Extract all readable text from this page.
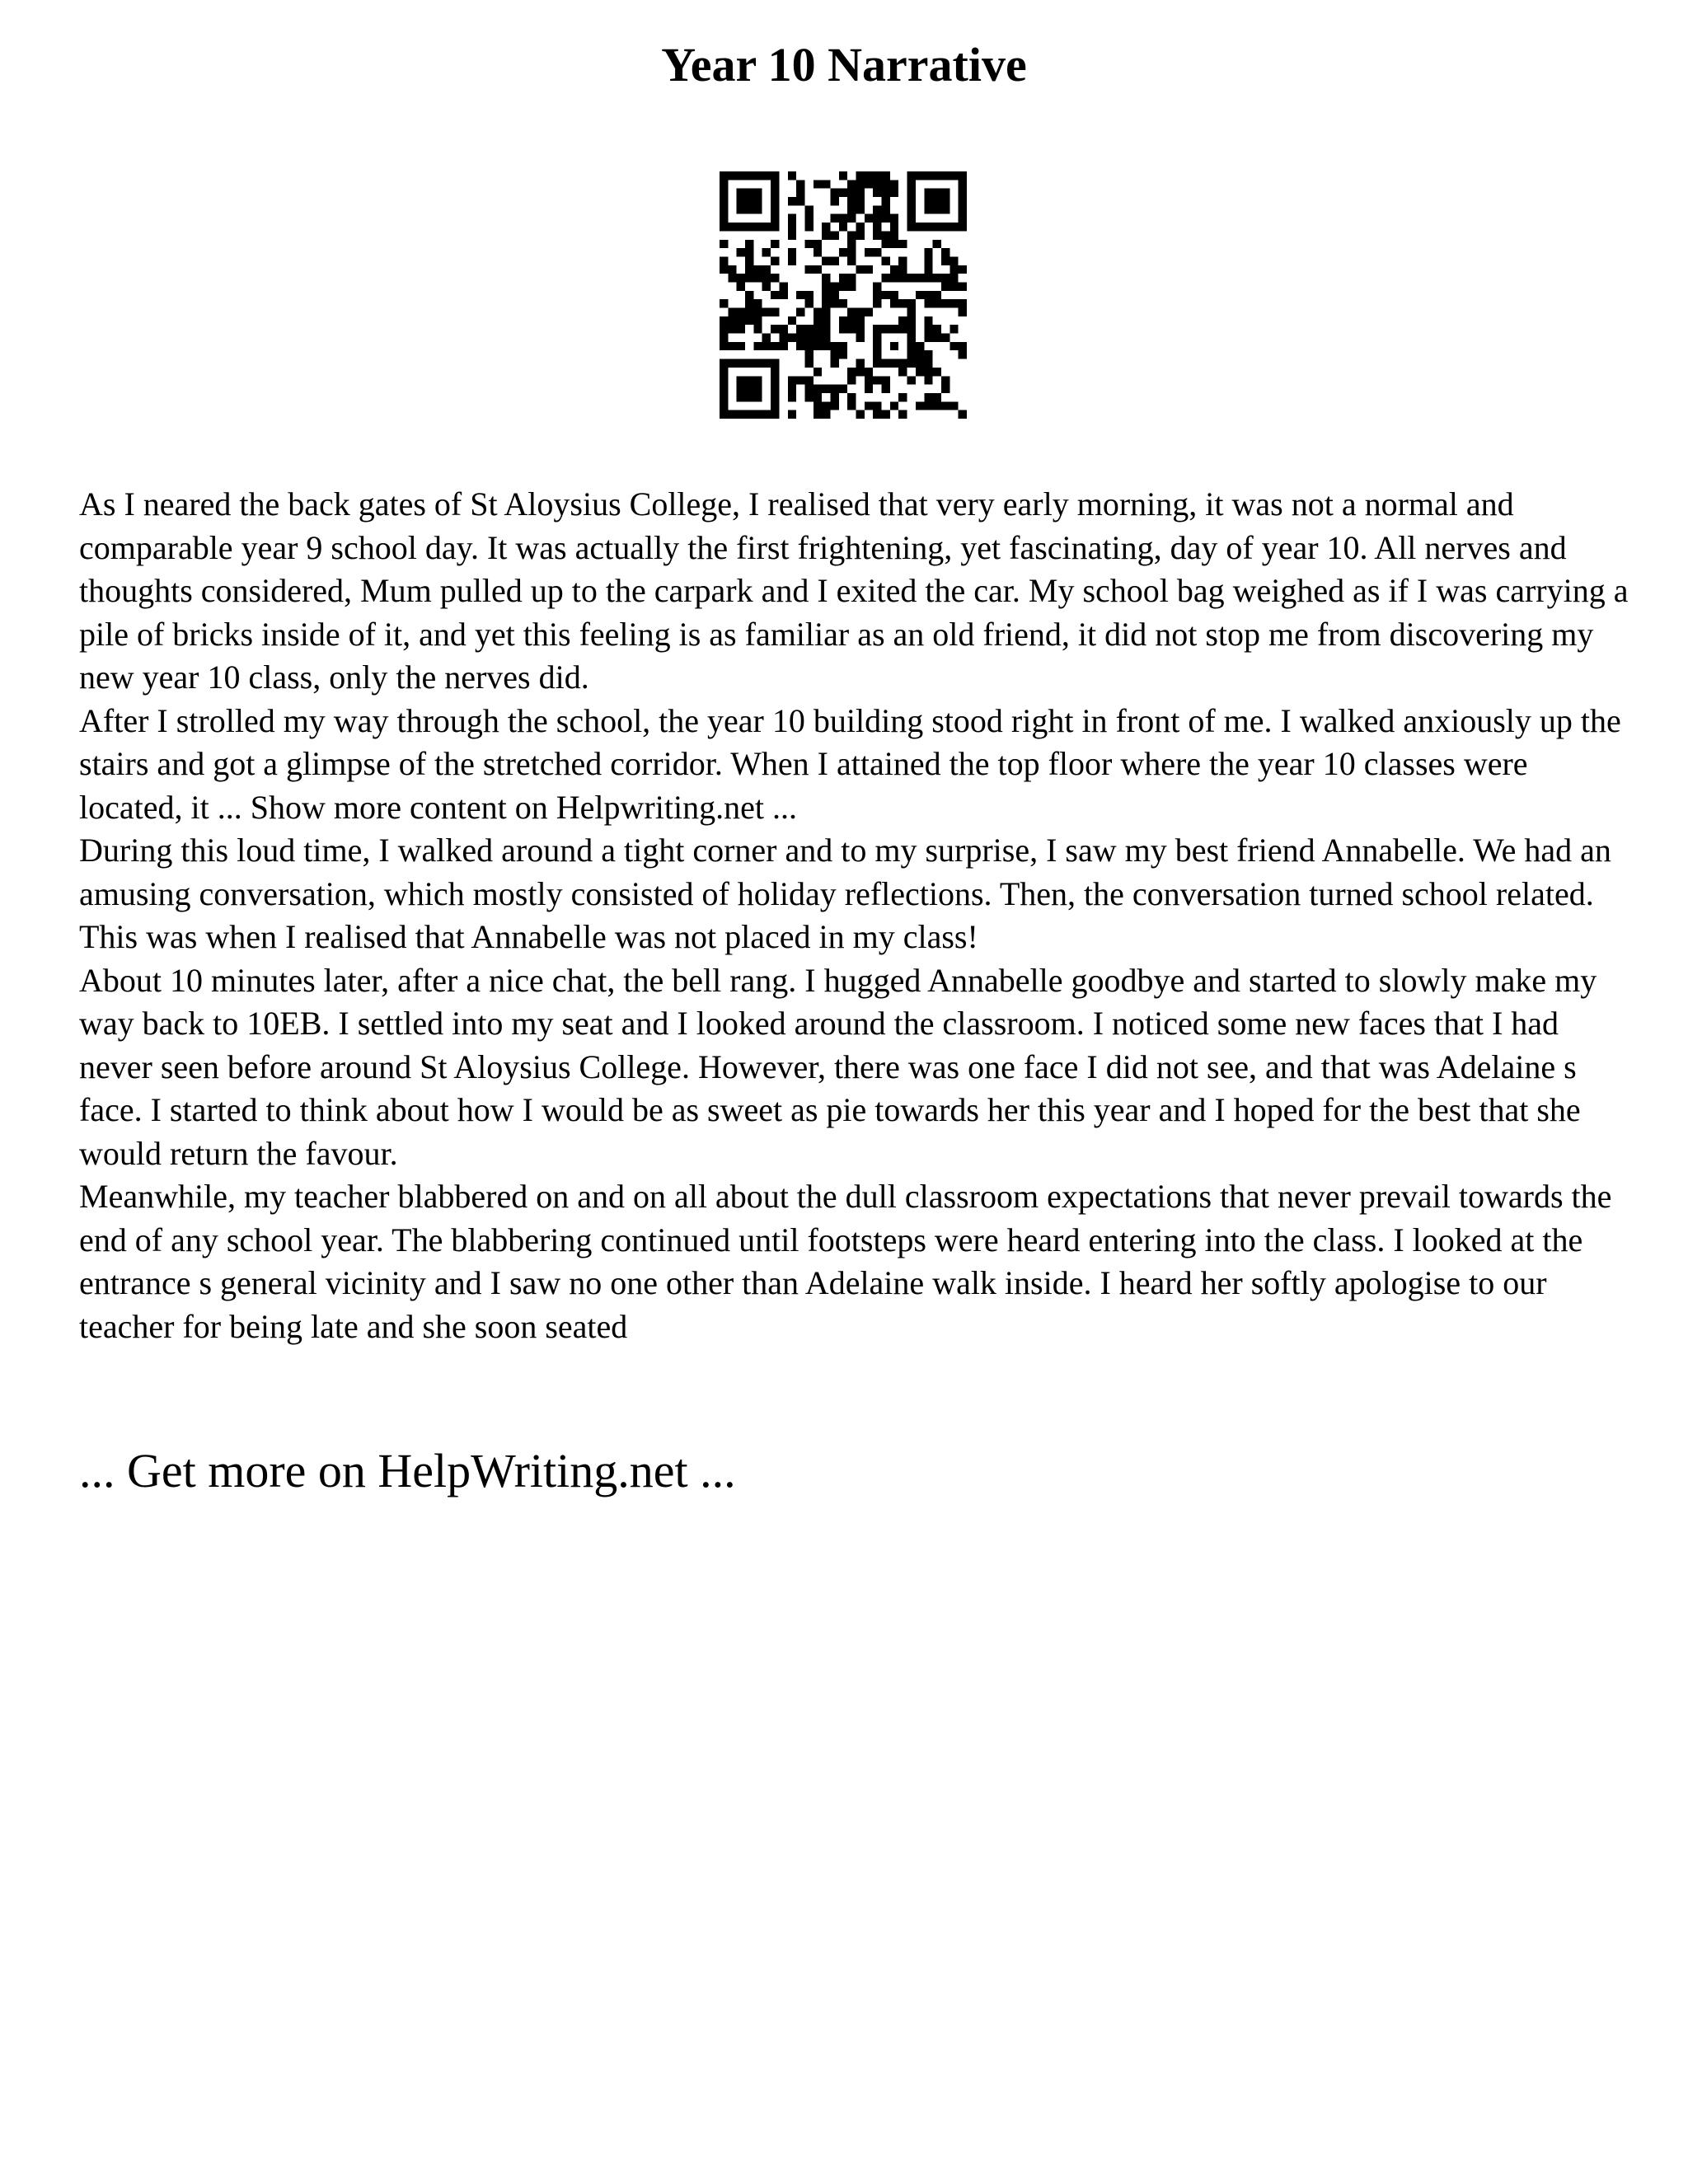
Year 10 Narrative

As I neared the back gates of St Aloysius College, I realised that very early morning, it was not a normal and comparable year 9 school day. It was actually the first frightening, yet fascinating, day of year 10. All nerves and thoughts considered, Mum pulled up to the carpark and I exited the car. My school bag weighed as if I was carrying a pile of bricks inside of it, and yet this feeling is as familiar as an old friend, it did not stop me from discovering my new year 10 class, only the nerves did.

After I strolled my way through the school, the year 10 building stood right in front of me. I walked anxiously up the stairs and got a glimpse of the stretched corridor. When I attained the top floor where the year 10 classes were located, it ... Show more content on Helpwriting.net ...

During this loud time, I walked around a tight corner and to my surprise, I saw my best friend Annabelle. We had an amusing conversation, which mostly consisted of holiday reflections. Then, the conversation turned school related. This was when I realised that Annabelle was not placed in my class!

About 10 minutes later, after a nice chat, the bell rang. I hugged Annabelle goodbye and started to slowly make my way back to 10EB. I settled into my seat and I looked around the classroom. I noticed some new faces that I had never seen before around St Aloysius College. However, there was one face I did not see, and that was Adelaine s face. I started to think about how I would be as sweet as pie towards her this year and I hoped for the best that she would return the favour.

Meanwhile, my teacher blabbered on and on all about the dull classroom expectations that never prevail towards the end of any school year. The blabbering continued until footsteps were heard entering into the class. I looked at the entrance s general vicinity and I saw no one other than Adelaine walk inside. I heard her softly apologise to our teacher for being late and she soon seated

... Get more on HelpWriting.net ...
